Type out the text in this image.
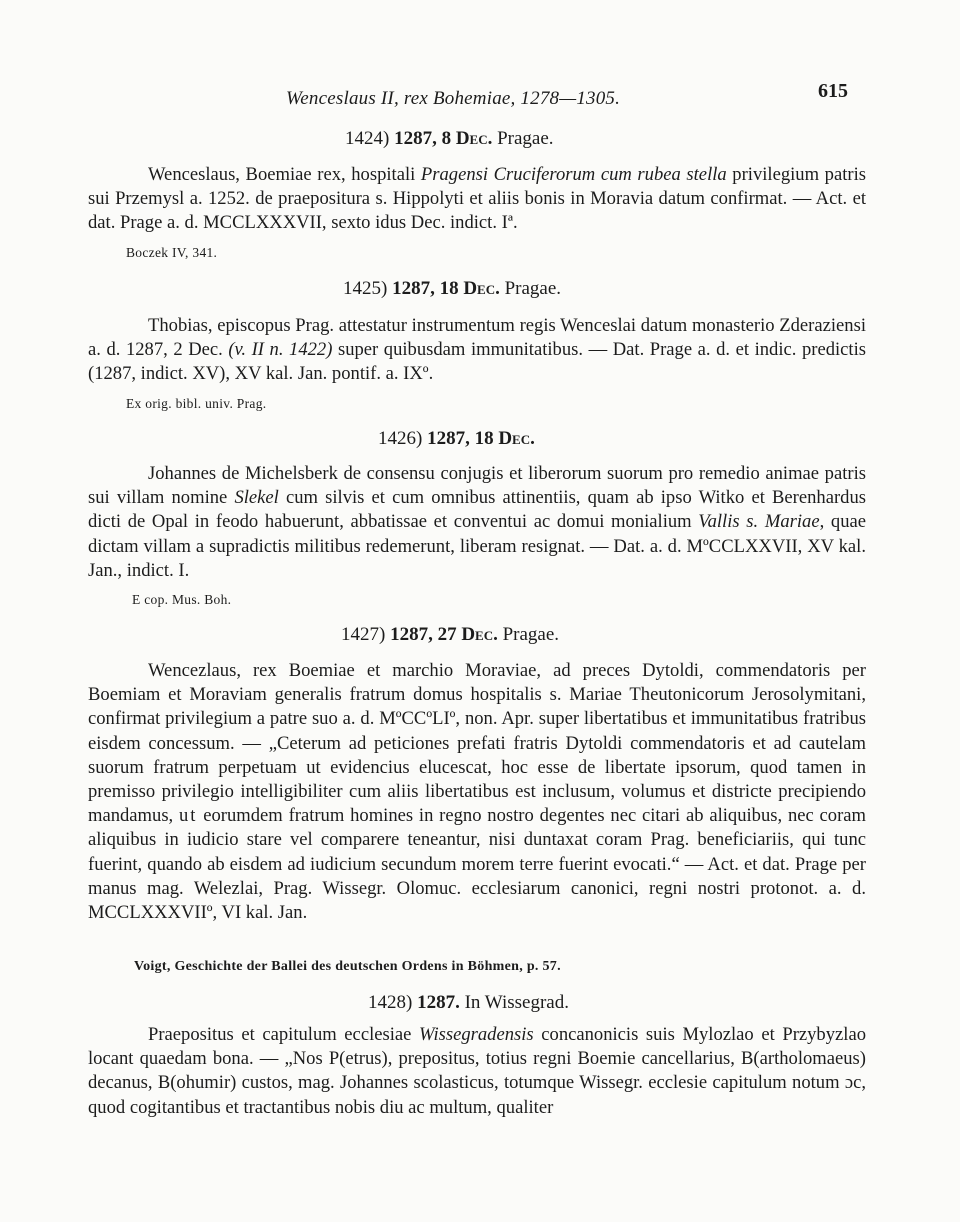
Wenceslaus II, rex Bohemiae, 1278—1305.	615
1424) 1287, 8 Dec. Pragae.
Wenceslaus, Boemiae rex, hospitali Pragensi Cruciferorum cum rubea stella privilegium patris sui Przemysl a. 1252. de praepositura s. Hippolyti et aliis bonis in Moravia datum confirmat. — Act. et dat. Prage a. d. MCCLXXXVII, sexto idus Dec. indict. Iª.
Boczek IV, 341.
1425) 1287, 18 Dec. Pragae.
Thobias, episcopus Prag. attestatur instrumentum regis Wenceslai datum monasterio Zderaziensi a. d. 1287, 2 Dec. (v. II n. 1422) super quibusdam immunitatibus. — Dat. Prage a. d. et indic. predictis (1287, indict. XV), XV kal. Jan. pontif. a. IXº.
Ex orig. bibl. univ. Prag.
1426) 1287, 18 Dec.
Johannes de Michelsberk de consensu conjugis et liberorum suorum pro remedio animae patris sui villam nomine Slekel cum silvis et cum omnibus attinentiis, quam ab ipso Witko et Berenhardus dicti de Opal in feodo habuerunt, abbatissae et conventui ac domui monialium Vallis s. Mariae, quae dictam villam a supradictis militibus redemerunt, liberam resignat. — Dat. a. d. MºCCLXXVII, XV kal. Jan., indict. I.
E cop. Mus. Boh.
1427) 1287, 27 Dec. Pragae.
Wencezlaus, rex Boemiae et marchio Moraviae, ad preces Dytoldi, commendatoris per Boemiam et Moraviam generalis fratrum domus hospitalis s. Mariae Theutonicorum Jerosolymitani, confirmat privilegium a patre suo a. d. MºCCºLIº, non. Apr. super libertatibus et immunitatibus fratribus eisdem concessum. — „Ceterum ad peticiones prefati fratris Dytoldi commendatoris et ad cautelam suorum fratrum perpetuam ut evidencius elucescat, hoc esse de libertate ipsorum, quod tamen in premisso privilegio intelligibiliter cum aliis libertatibus est inclusum, volumus et districte precipiendo mandamus, ut eorumdem fratrum homines in regno nostro degentes nec citari ab aliquibus, nec coram aliquibus in iudicio stare vel comparere teneantur, nisi duntaxat coram Prag. beneficiariis, qui tunc fuerint, quando ab eisdem ad iudicium secundum morem terre fuerint evocati.“ — Act. et dat. Prage per manus mag. Welezlai, Prag. Wissegr. Olomuc. ecclesiarum canonici, regni nostri protonot. a. d. MCCLXXXVIIº, VI kal. Jan.
Voigt, Geschichte der Ballei des deutschen Ordens in Böhmen, p. 57.
1428) 1287. In Wissegrad.
Praepositus et capitulum ecclesiae Wissegradensis concanonicis suis Mylozlao et Przybyzlao locant quaedam bona. — „Nos P(etrus), prepositus, totius regni Boemie cancellarius, B(artholomaeus) decanus, B(ohumir) custos, mag. Johannes scolasticus, totumque Wissegr. ecclesie capitulum notum ɔc, quod cogitantibus et tractantibus nobis diu ac multum, qualiter
